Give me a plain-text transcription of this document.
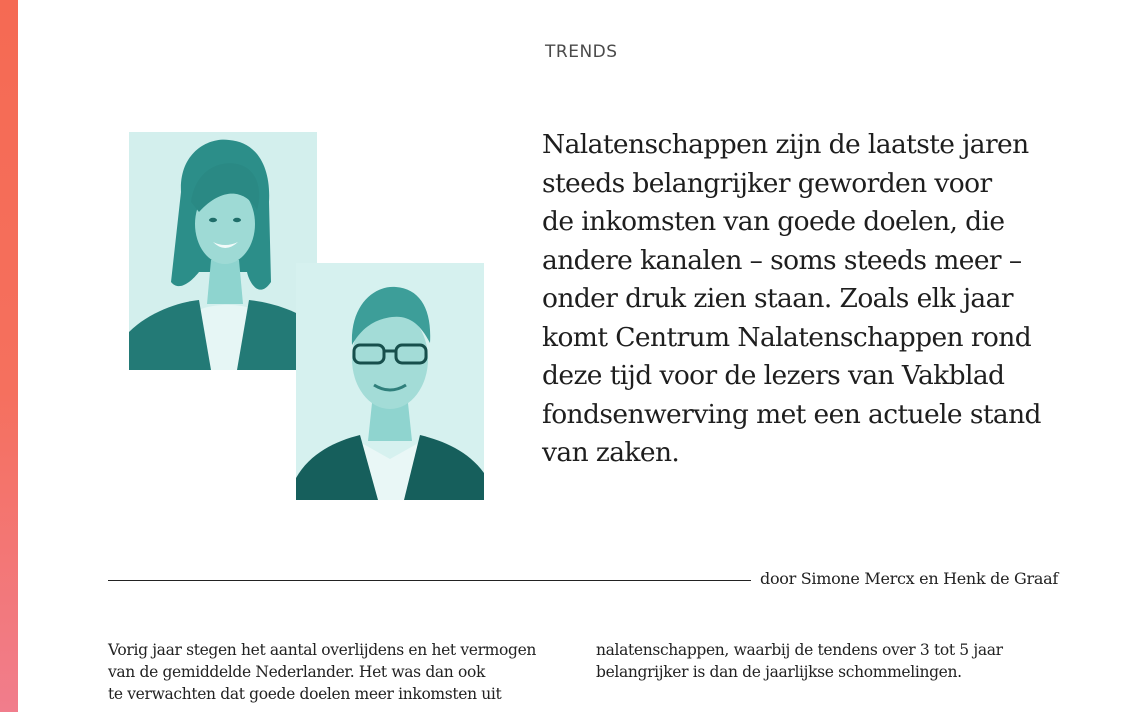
TRENDS

Nalatenschappen zijn de laatste jaren
steeds belangrijker geworden voor
de inkomsten van goede doelen, die
andere kanalen – soms steeds meer –
onder druk zien staan. Zoals elk jaar
komt Centrum Nalatenschappen rond
deze tijd voor de lezers van Vakblad
fondsenwerving met een actuele stand
van zaken.

door Simone Mercx en Henk de Graaf

Vorig jaar stegen het aantal overlijdens en het vermogen
van de gemiddelde Nederlander. Het was dan ook
te verwachten dat goede doelen meer inkomsten uit

nalatenschappen, waarbij de tendens over 3 tot 5 jaar
belangrijker is dan de jaarlijkse schommelingen.
